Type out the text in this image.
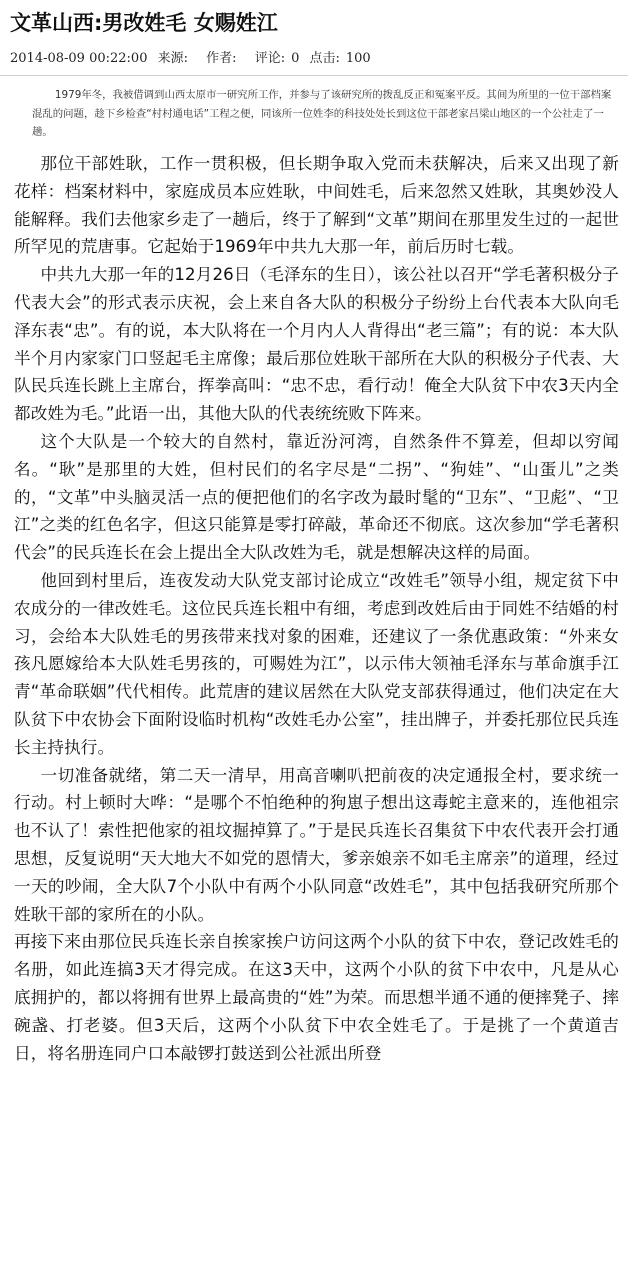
文革山西:男改姓毛 女赐姓江
2014-08-09 00:22:00 来源: 作者: 评论: 0 点击: 100
1979年冬，我被借调到山西太原市一研究所工作，并参与了该研究所的拨乱反正和冤案平反。其间为所里的一位干部档案混乱的问题，趁下乡检查“村村通电话”工程之便，同该所一位姓李的科技处处长到这位干部老家吕梁山地区的一个公社走了一趟。

那位干部姓耿，工作一贯积极，但长期争取入党而未获解决，后来又出现了新花样：档案材料中，家庭成员本应姓耿，中间姓毛，后来忽然又姓耿，其奥妙没人能解释。我们去他家乡走了一趟后，终于了解到“文革”期间在那里发生过的一起世所罕见的荒唐事。它起始于1969年中共九大那一年，前后历时七载。

中共九大那一年的12月26日（毛泽东的生日），该公社以召开“学毛著积极分子代表大会”的形式表示庆祝，会上来自各大队的积极分子纷纷上台代表本大队向毛泽东表“忠”。有的说，本大队将在一个月内人人背得出“老三篇”；有的说：本大队半个月内家家门口竖起毛主席像；最后那位姓耿干部所在大队的积极分子代表、大队民兵连长跳上主席台，挥拳高叫：“忠不忠，看行动！俺全大队贫下中农3天内全都改姓为毛。”此语一出，其他大队的代表统统败下阵来。

这个大队是一个较大的自然村，靠近汾河湾，自然条件不算差，但却以穷闻名。“耿”是那里的大姓，但村民们的名字尽是“二拐”、“狗娃”、“山蛋儿”之类的，“文革”中头脑灵活一点的便把他们的名字改为最时髦的“卫东”、“卫彪”、“卫江”之类的红色名字，但这只能算是零打碎敲，革命还不彻底。这次参加“学毛著积代会”的民兵连长在会上提出全大队改姓为毛，就是想解决这样的局面。

他回到村里后，连夜发动大队党支部讨论成立“改姓毛”领导小组，规定贫下中农成分的一律改姓毛。这位民兵连长粗中有细，考虑到改姓后由于同姓不结婚的村习，会给本大队姓毛的男孩带来找对象的困难，还建议了一条优惠政策：“外来女孩凡愿嫁给本大队姓毛男孩的，可赐姓为江”，以示伟大领袖毛泽东与革命旗手江青“革命联姻”代代相传。此荒唐的建议居然在大队党支部获得通过，他们决定在大队贫下中农协会下面附设临时机构“改姓毛办公室”，挂出牌子，并委托那位民兵连长主持执行。

一切准备就绪，第二天一清早，用高音喇叭把前夜的决定通报全村，要求统一行动。村上顿时大哗：“是哪个不怕绝种的狗崽子想出这毒蛇主意来的，连他祖宗也不认了！索性把他家的祖坟掘掉算了。”于是民兵连长召集贫下中农代表开会打通思想，反复说明“天大地大不如党的恩情大，爹亲娘亲不如毛主席亲”的道理，经过一天的吵闹，全大队7个小队中有两个小队同意“改姓毛”，其中包括我研究所那个姓耿干部的家所在的小队。

再接下来由那位民兵连长亲自挨家挨户访问这两个小队的贫下中农，登记改姓毛的名册，如此连搞3天才得完成。在这3天中，这两个小队的贫下中农中，凡是从心底拥护的，都以将拥有世界上最高贵的“姓”为荣。而思想半通不通的便摔凳子、摔碗盏、打老婆。但3天后，这两个小队贫下中农全姓毛了。于是挑了一个黄道吉日，将名册连同户口本敲锣打鼓送到公社派出所登
